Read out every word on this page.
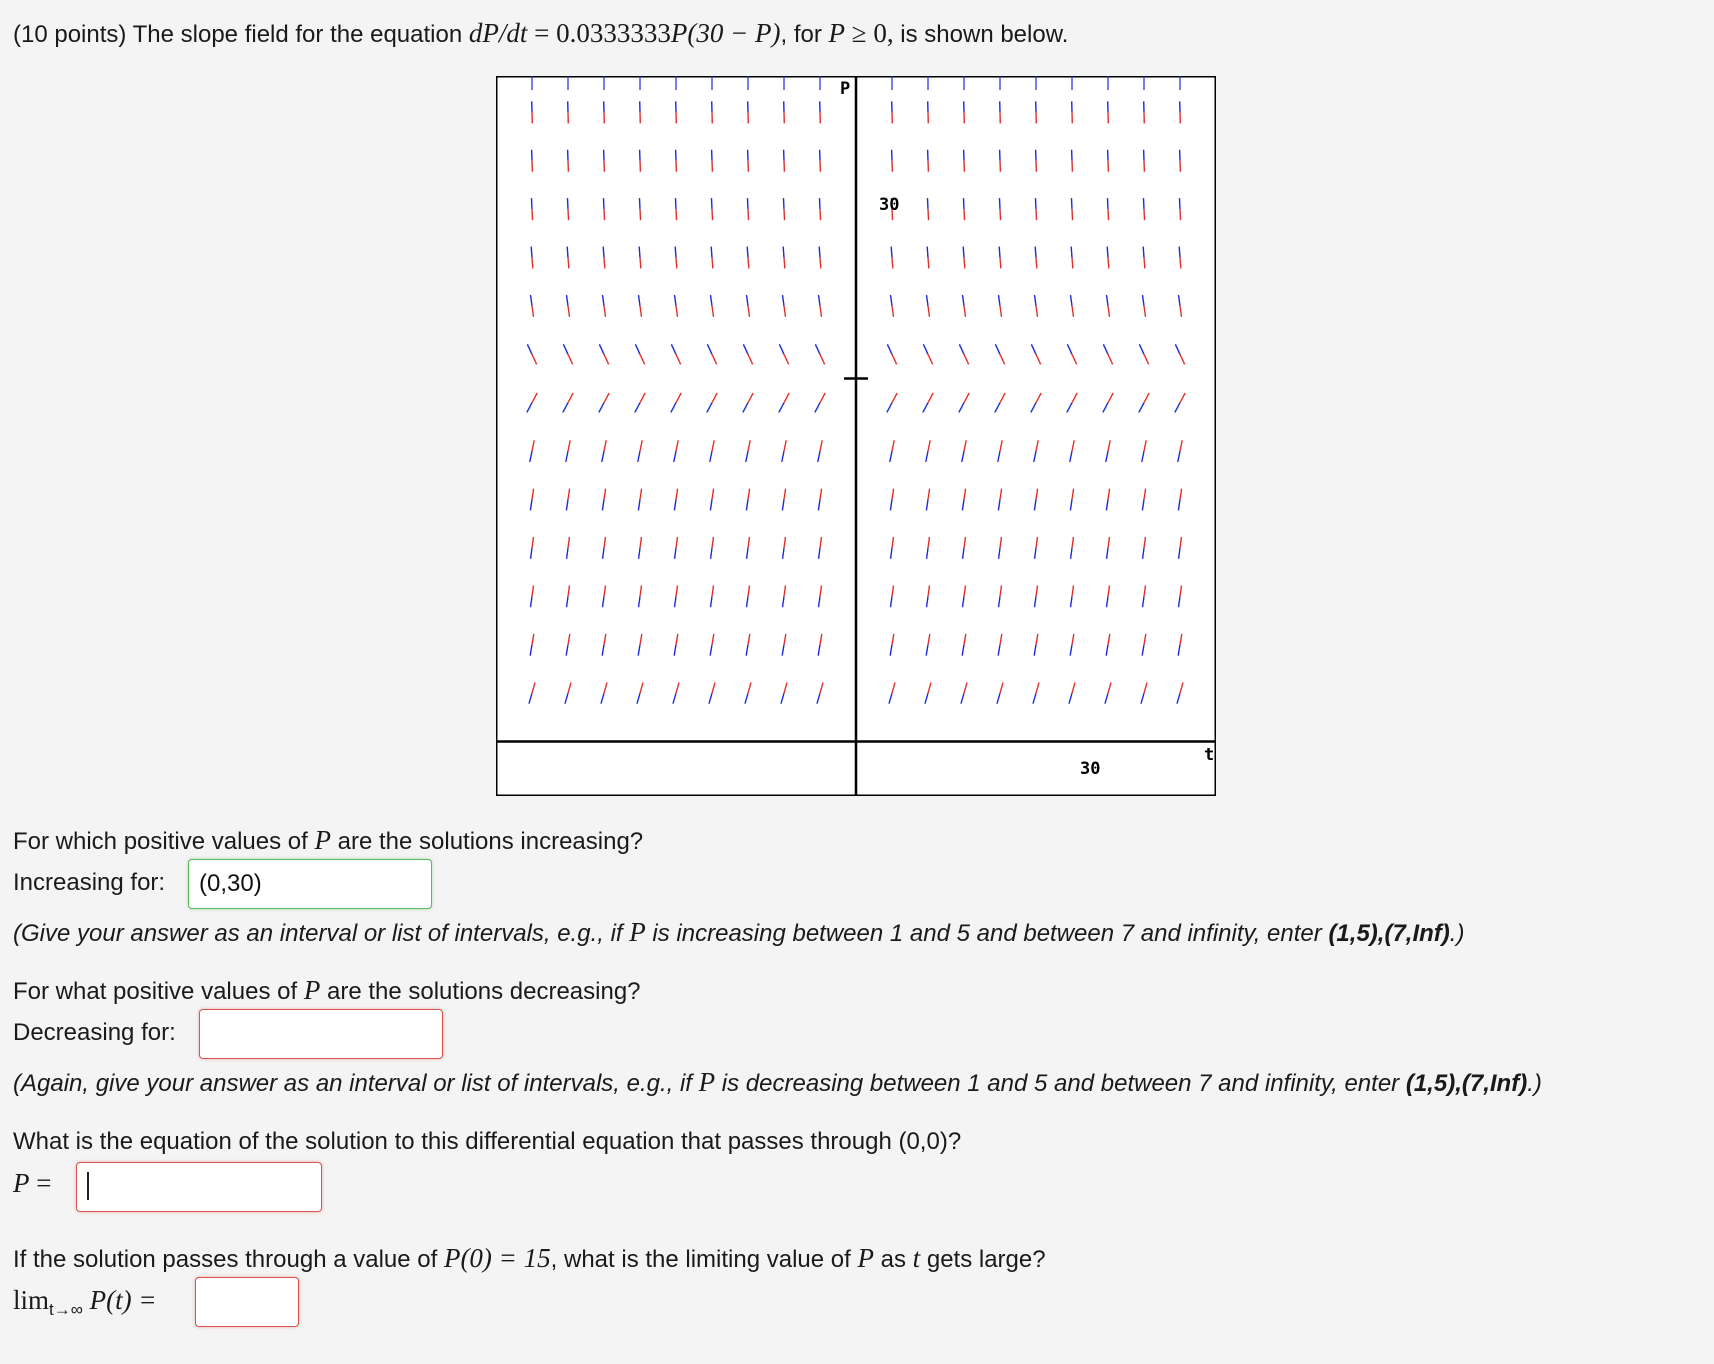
(10 points) The slope field for the equation dP/dt = 0.0333333P(30 − P), for P ≥ 0, is shown below.
P
t
30
30
For which positive values of P are the solutions increasing?
Increasing for:
(0,30)
(Give your answer as an interval or list of intervals, e.g., if P is increasing between 1 and 5 and between 7 and infinity, enter (1,5),(7,Inf).)
For what positive values of P are the solutions decreasing?
Decreasing for:
(Again, give your answer as an interval or list of intervals, e.g., if P is decreasing between 1 and 5 and between 7 and infinity, enter (1,5),(7,Inf).)
What is the equation of the solution to this differential equation that passes through (0,0)?
P =
If the solution passes through a value of P(0) = 15, what is the limiting value of P as t gets large?
$\lim_{t\to\infty} P(t)$ =
